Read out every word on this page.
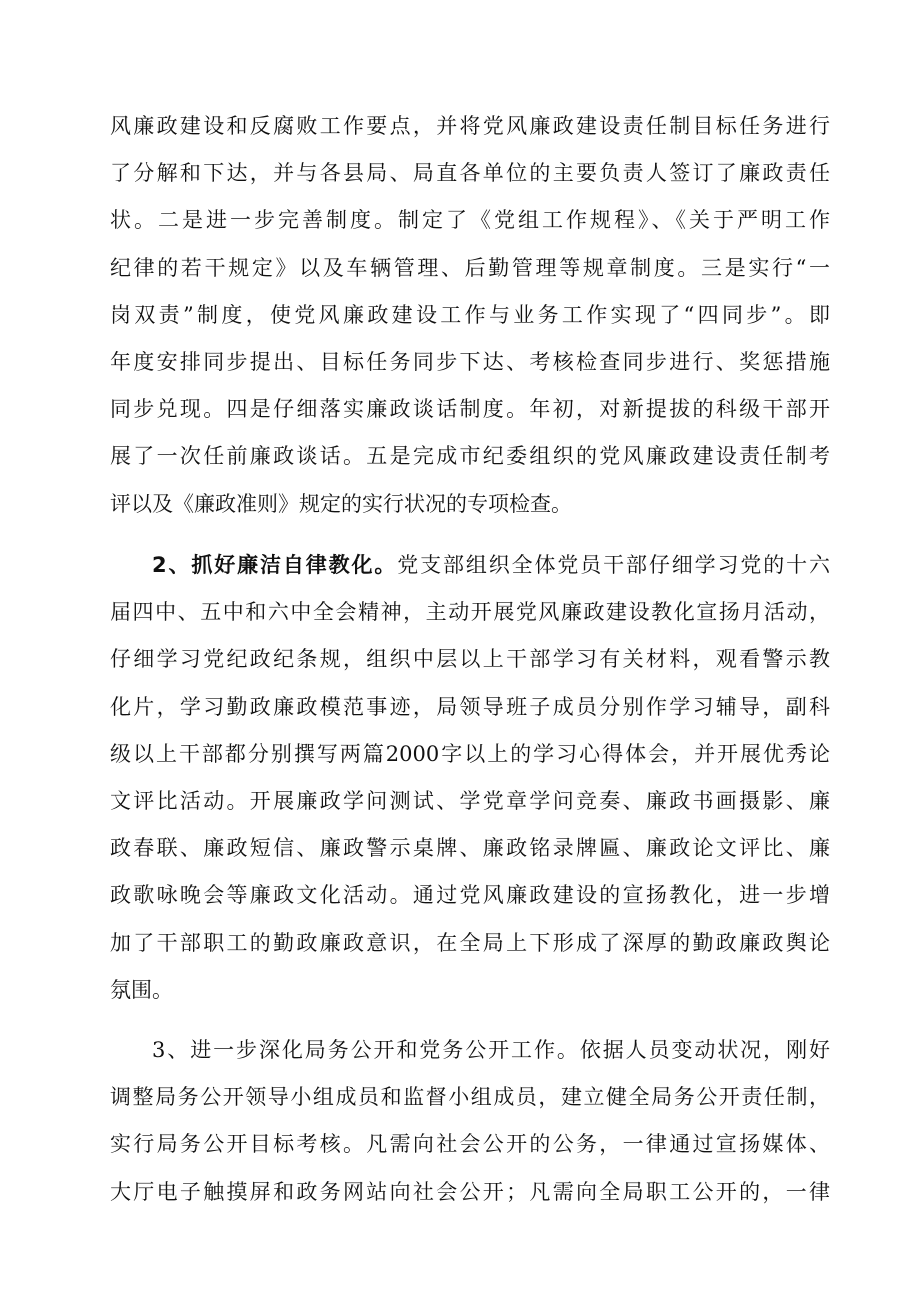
风廉政建设和反腐败工作要点，并将党风廉政建设责任制目标任务进行
了分解和下达，并与各县局、局直各单位的主要负责人签订了廉政责任
状。二是进一步完善制度。制定了《党组工作规程》、《关于严明工作
纪律的若干规定》以及车辆管理、后勤管理等规章制度。三是实行“一
岗双责”制度，使党风廉政建设工作与业务工作实现了“四同步”。即
年度安排同步提出、目标任务同步下达、考核检查同步进行、奖惩措施
同步兑现。四是仔细落实廉政谈话制度。年初，对新提拔的科级干部开
展了一次任前廉政谈话。五是完成市纪委组织的党风廉政建设责任制考
评以及《廉政准则》规定的实行状况的专项检查。
2、抓好廉洁自律教化。党支部组织全体党员干部仔细学习党的十六
届四中、五中和六中全会精神，主动开展党风廉政建设教化宣扬月活动，
仔细学习党纪政纪条规，组织中层以上干部学习有关材料，观看警示教
化片，学习勤政廉政模范事迹，局领导班子成员分别作学习辅导，副科
级以上干部都分别撰写两篇2000字以上的学习心得体会，并开展优秀论
文评比活动。开展廉政学问测试、学党章学问竞奏、廉政书画摄影、廉
政春联、廉政短信、廉政警示桌牌、廉政铭录牌匾、廉政论文评比、廉
政歌咏晚会等廉政文化活动。通过党风廉政建设的宣扬教化，进一步增
加了干部职工的勤政廉政意识，在全局上下形成了深厚的勤政廉政舆论
氛围。
3、进一步深化局务公开和党务公开工作。依据人员变动状况，刚好
调整局务公开领导小组成员和监督小组成员，建立健全局务公开责任制，
实行局务公开目标考核。凡需向社会公开的公务，一律通过宣扬媒体、
大厅电子触摸屏和政务网站向社会公开；凡需向全局职工公开的，一律
